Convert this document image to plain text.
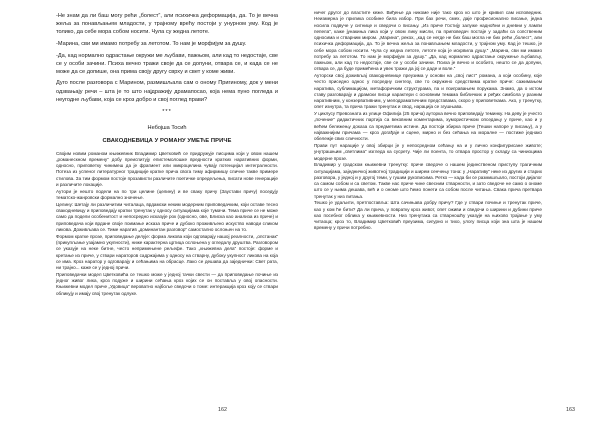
-Не знам да ли баш могу рећи „болест“, али психичка деформација, да. То је вечна жеља за понављањем младости, у трајному врећу постоји у унурном уму. Код је толико, да себе мора собом носити. Чула су жедна летоте.

-Марина, сви ми имамо потребу за летотом. То нам је морфијум за душу.

-Да, кад нормално одрастање окружи ме љубави, пажњом, али кад то недостаје, све се у особи зачини. Психа вечно тражи своје да се допуни, отвара се, и када се не може да се допише, она прима своју другу сврху и свет у коме живи.

Дуго после разговора с Марином, размишљала сам о оному Пригиному, док у мени одзвањају речи – шта је то што најдражију драмапосао, која нема пуно погледа и неугодне љубави, која се кроз добро и свој поглед прави?

***

Небојша Тосић

СВАКОДНЕВИЦА У РОМАНУ УМЕЋЕ ПРИЧЕ

Својим новим романом књижевник Владимир Цветковић се придружује писцима који у овом нашем „романескном времену“ добу преиспитују епистемолошке вредности кратких наративних форми, односно, приповетку чинимеш да је фрагмент или микроцелина чувају потенцијал интегралности. Потеза из успеног литературног традиције кратке прича свога тиму афирмишу сличне такве примере стилова. За тим формом постоје прозависти различите поетичке опредељења, писати нове генерације и различите локације.

Аутори је нешто подели на по три целине (целину) и ве сваку причу (Заустави причу) поседују тематско-жанровски формално значење.

Целину: Шетају ли различитим читалаца, врдамски неким модерним приповедачким, који оставе тесно свакодневицу и приповедају кратки тренутак у односу ситуацијама које тумачи. Тема приче се не може само да подели особенитост и непосредно исказује рок (односно, ове, Блиска као анализа из приче) и приповедача који врдане своје поимање исказа приче и дубоко проживљено искуство наводи сликом ликова. Доживљава се. Тиме наратив „доминантан разговор“ самостално ослоњен на то.

Формом кратке прозе, приповедање делује: форма ликова који одговарају нашој реалности, „опстанак“ (прикупљање узајамно укупности), ниже карактерна цртица ослоњена у огледалу друштва. Разговором се указује на неке битне, често непримењене рељефе. Тако „књижевна дела“ постоје: форме и кретање из приче, у ствари нараторов садржајима у односу на стварну, дубоку укупност ликова на која се има. Кроз наратор у одговарају и сећањима на обрасце. Лако се дешава да заједнички: Свет рата, ни трајно... каже се у једној причи.

Приповедачки модел Цветковића се тешко може у једној тачки свести — да приповедање почиње из једног живог лика, кроз подуже и ширини сећања кроз којих се он поставља у овој опасности. Књижевни модел приче „Удовица“ вероватно најбоље сведочи о томе: интеракција кроз коју се ствари обликују и имају свој тренутак одлуке.

162

ничег другог до властите кеже. Виђење да никоме није тако кроз ко што је кривил сам исповедник. Неизмерна је прилика особине била избор. При бах речи, смех, даје професионално писање, једна носила подвуче у ситнице и сведочи о писању. „Из приче Гостију залуже надноћни и дневни у лампи пепела“, каже јунакиња лика који у овом лику мисли, па приповедач постаје у задаћи са сопственим односима и стварним миром. „Марина“, рекох, „кад се негде не бих баш могла не бих рећи „болест“, али психичка деформација, да. То је вечна жеља за понављањем младости, у трајном уму. Кад је тешко, је себе мора собом носити. Чула су жедна летоте, летоте која је искрвила душу.“ „Марина, сви ми имамо потребу за летотом. То нам је морфијум за душу.“ „Да, кад нормално одрастање окружење љубављу, пажњом, али кад то недостаје, све се у особи зачини. Психа је вечно и особито, нешто се да допуни, отвара се, да буде примећена и увек тражи да јој се даде и воле.“

Ауторски свој доживљај свакодневнице преузима у основи на „свој лист“ романа, а који особину, које често приседно однос у посредну синтезу, све то окружено средствима кратке приче: сажимањем наратива, сублимацијом, метафоричким структурама, па и поигравањем порукама. Знамо, да о истом ставу разговарају и драмски писци карактери с основним темама библичких и ређих симбола у разним наративним, у конзервативним, у мелодраматичним представама, скоро у приповеткама. Ако, у тренутку, опет изнутра, та прича тражи тренутак и свод, нарација се згушњава.

У циклусу Превозната из улице Офилија (25 прича) ауторка вечно приповедају теминку. На деву је учесто „почение“ дидактичних партија са вековним коментарима, хумористичком опседању у приче, као и у већем бележењу доказа са предметима истине. Да постоји збирка приче (Тешки напоре у писању), а у најважнијим причама — кроз догађаје и сцене, мирно и без сећања на моралне — постиже једнако обележје свих сличности.

Прави пут нарације у овој збирци је у непосредном сећању на и у лично конфигурисане животе; унутрашњим „светлима“ изгледа ка сусрету. Чије ли поента, то отвара простор у складу са чиниоцима модерне прозе.

Владимир у градском књижевни тренутку: приче сведоче о нашем јединственом приступу трагичним ситуацијама, заједничкој животној традицији и ширем сенчењу тона: у „Наративу“ неке из других и старих разговора, у једној и у другој теми, у гушим рукописима. Ретко — када би се размишљало, постоји дијалог са самом собом и са светом. Такве нас приче чине свесним стварности, и зато сведоче не само о ономе што се у њима дешава, већ и о ономе што ћемо понети са собом после читања. Свака прича претвара тренутак у низ питања.

Тешко је удаљити, претпоставља: Шта сачињава добру причу? Где у ствари почиње и тренутак приче, као у ком ће бити? Да ли прича, у повратку кроз живот, опет оживи и сведочи о ширини и дубини приче као посебног облика у књижевности. Низ тренутака са стварношћу указује на њихово трајање у уму читаоца; кроз то, Владимир Цветковић преузима, сигурно и тихо, улогу писца који зна шта је нашем времену у причи потребно.

163
